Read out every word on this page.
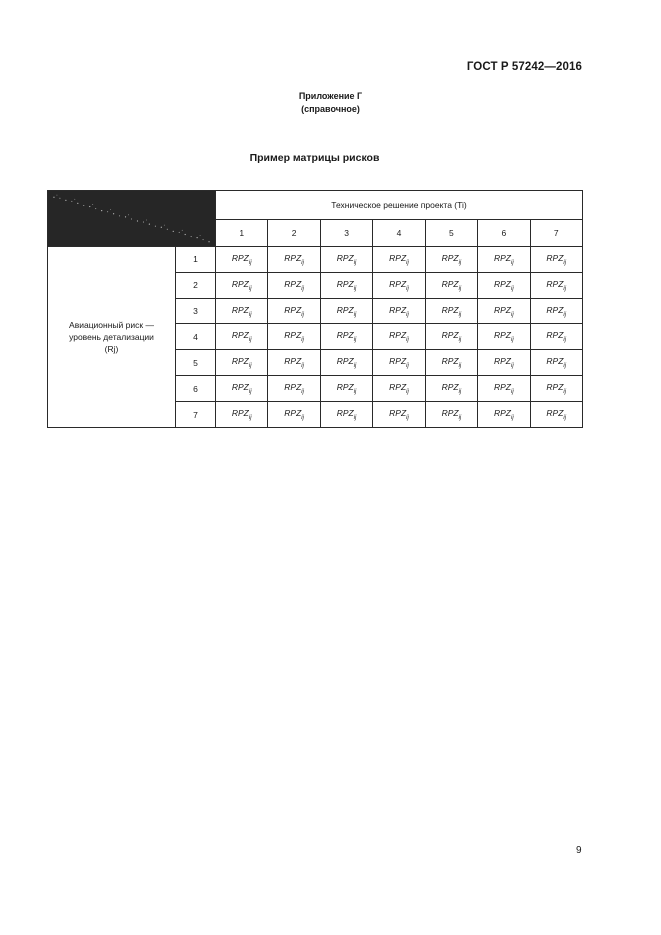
ГОСТ Р 57242—2016
Приложение Г
(справочное)
Пример матрицы рисков
	Техническое решение проекта (Ti)						
		1	2	3	4	5	6	7

Авиационный риск —
уровень детализации
(Rj)	1	$RPZ_{ij}$	$RPZ_{ij}$	$RPZ_{ij}$	$RPZ_{ij}$	$RPZ_{ij}$	$RPZ_{ij}$	$RPZ_{ij}$
	2	$RPZ_{ij}$	$RPZ_{ij}$	$RPZ_{ij}$	$RPZ_{ij}$	$RPZ_{ij}$	$RPZ_{ij}$	$RPZ_{ij}$
	3	$RPZ_{ij}$	$RPZ_{ij}$	$RPZ_{ij}$	$RPZ_{ij}$	$RPZ_{ij}$	$RPZ_{ij}$	$RPZ_{ij}$
	4	$RPZ_{ij}$	$RPZ_{ij}$	$RPZ_{ij}$	$RPZ_{ij}$	$RPZ_{ij}$	$RPZ_{ij}$	$RPZ_{ij}$
	5	$RPZ_{ij}$	$RPZ_{ij}$	$RPZ_{ij}$	$RPZ_{ij}$	$RPZ_{ij}$	$RPZ_{ij}$	$RPZ_{ij}$
	6	$RPZ_{ij}$	$RPZ_{ij}$	$RPZ_{ij}$	$RPZ_{ij}$	$RPZ_{ij}$	$RPZ_{ij}$	$RPZ_{ij}$
	7	$RPZ_{ij}$	$RPZ_{ij}$	$RPZ_{ij}$	$RPZ_{ij}$	$RPZ_{ij}$	$RPZ_{ij}$	$RPZ_{ij}$
9
